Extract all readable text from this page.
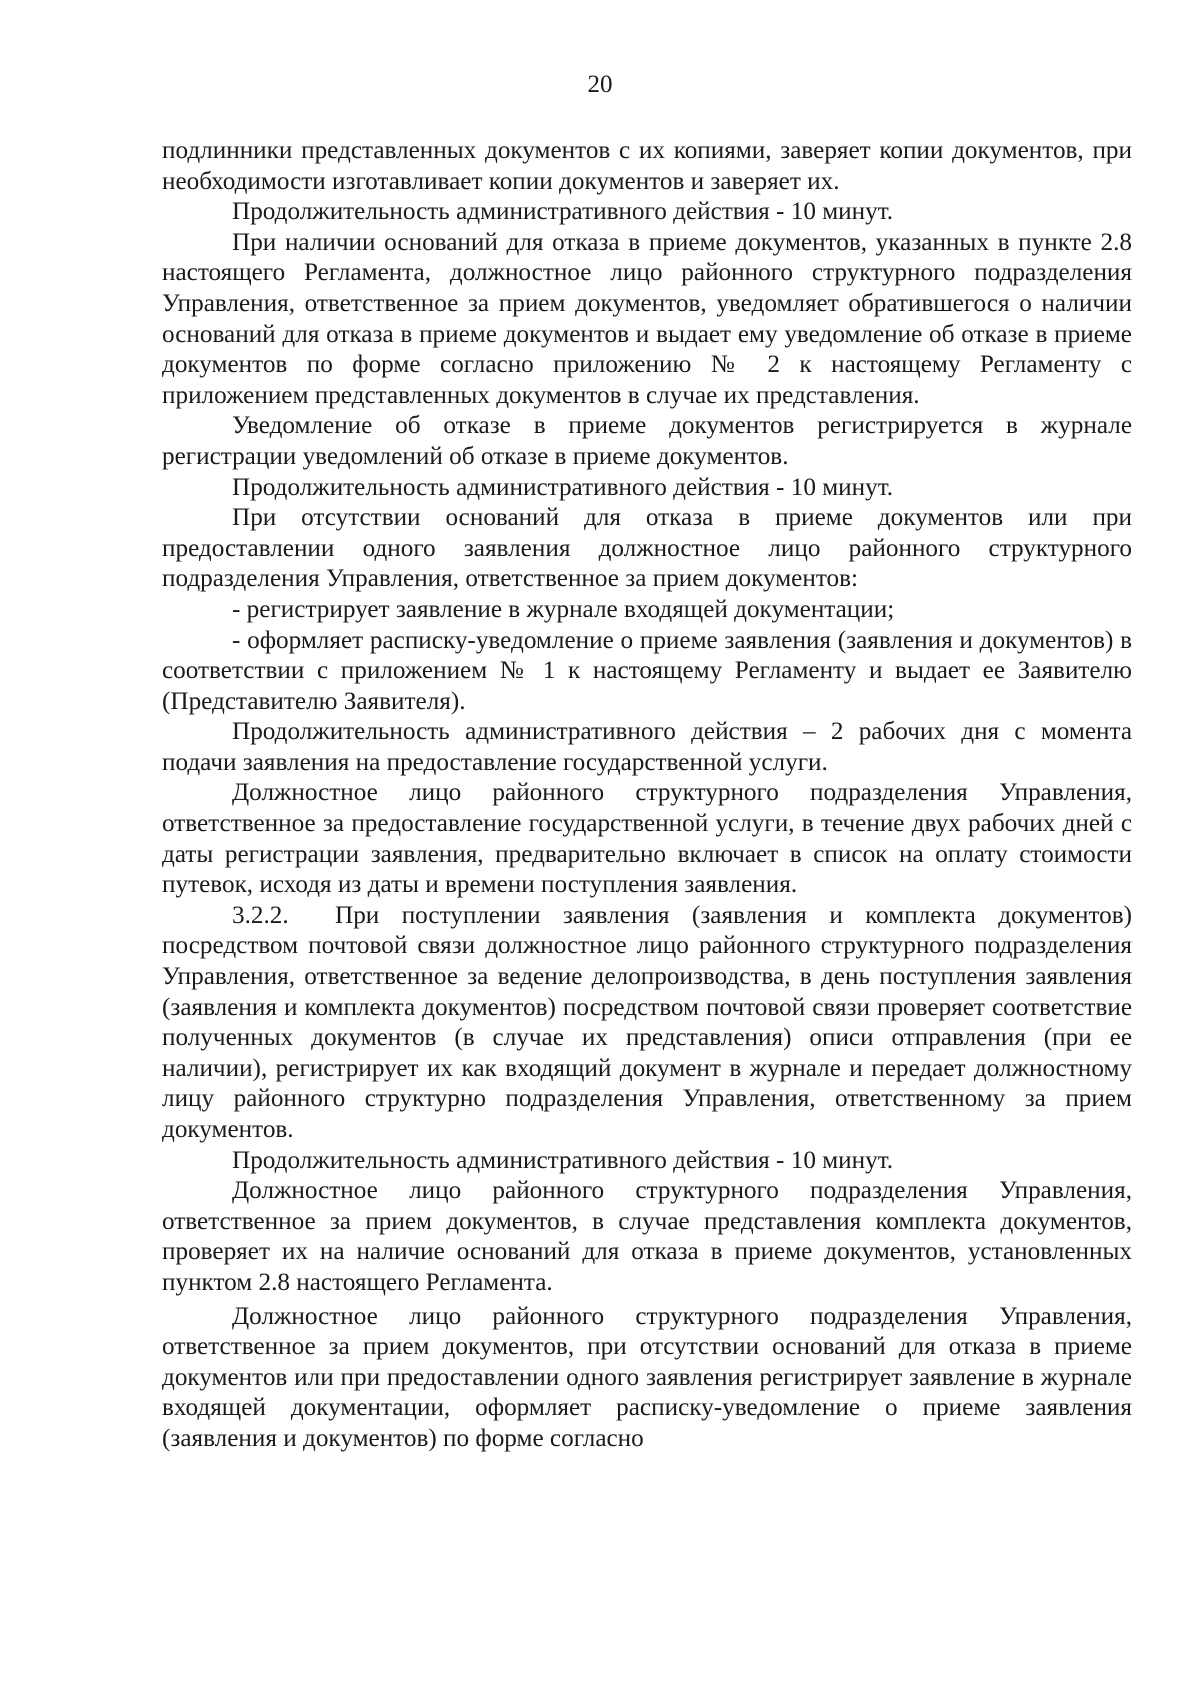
20

подлинники представленных документов с их копиями, заверяет копии документов, при необходимости изготавливает копии документов и заверяет их.

Продолжительность административного действия - 10 минут.

При наличии оснований для отказа в приеме документов, указанных в пункте 2.8 настоящего Регламента, должностное лицо районного структурного подразделения Управления, ответственное за прием документов, уведомляет обратившегося о наличии оснований для отказа в приеме документов и выдает ему уведомление об отказе в приеме документов по форме согласно приложению № 2 к настоящему Регламенту с приложением представленных документов в случае их представления.

Уведомление об отказе в приеме документов регистрируется в журнале регистрации уведомлений об отказе в приеме документов.

Продолжительность административного действия - 10 минут.

При отсутствии оснований для отказа в приеме документов или при предоставлении одного заявления должностное лицо районного структурного подразделения Управления, ответственное за прием документов:

- регистрирует заявление в журнале входящей документации;

- оформляет расписку-уведомление о приеме заявления (заявления и документов) в соответствии с приложением № 1 к настоящему Регламенту и выдает ее Заявителю (Представителю Заявителя).

Продолжительность административного действия – 2 рабочих дня с момента подачи заявления на предоставление государственной услуги.

Должностное лицо районного структурного подразделения Управления, ответственное за предоставление государственной услуги, в течение двух рабочих дней с даты регистрации заявления, предварительно включает в список на оплату стоимости путевок, исходя из даты и времени поступления заявления.

3.2.2. При поступлении заявления (заявления и комплекта документов) посредством почтовой связи должностное лицо районного структурного подразделения Управления, ответственное за ведение делопроизводства, в день поступления заявления (заявления и комплекта документов) посредством почтовой связи проверяет соответствие полученных документов (в случае их представления) описи отправления (при ее наличии), регистрирует их как входящий документ в журнале и передает должностному лицу районного структурно подразделения Управления, ответственному за прием документов.

Продолжительность административного действия - 10 минут.

Должностное лицо районного структурного подразделения Управления, ответственное за прием документов, в случае представления комплекта документов, проверяет их на наличие оснований для отказа в приеме документов, установленных пунктом 2.8 настоящего Регламента.

Должностное лицо районного структурного подразделения Управления, ответственное за прием документов, при отсутствии оснований для отказа в приеме документов или при предоставлении одного заявления регистрирует заявление в журнале входящей документации, оформляет расписку-уведомление о приеме заявления (заявления и документов) по форме согласно
